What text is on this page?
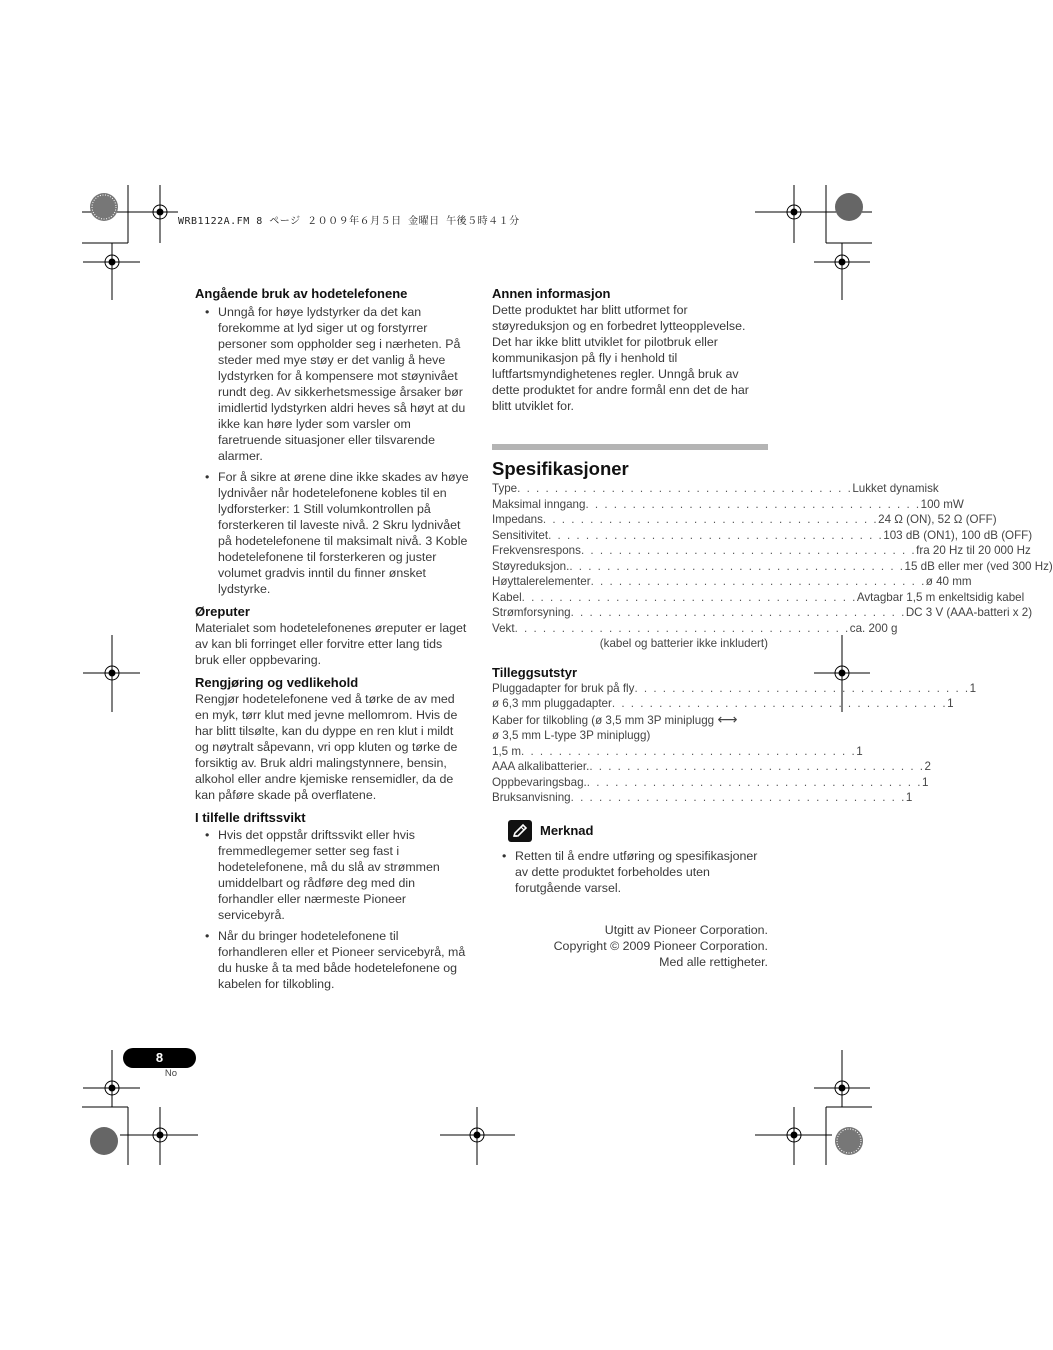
WRB1122A.FM 8 ページ ２００９年６月５日 金曜日 午後５時４１分
Angående bruk av hodetelefonene
• Unngå for høye lydstyrker da det kan forekomme at lyd siger ut og forstyrrer personer som oppholder seg i nærheten. På steder med mye støy er det vanlig å heve lydstyrken for å kompensere mot støynivået rundt deg. Av sikkerhetsmessige årsaker bør imidlertid lydstyrken aldri heves så høyt at du ikke kan høre lyder som varsler om faretruende situasjoner eller tilsvarende alarmer.
• For å sikre at ørene dine ikke skades av høye lydnivåer når hodetelefonene kobles til en lydforsterker: 1 Still volumkontrollen på forsterkeren til laveste nivå. 2 Skru lydnivået på hodetelefonene til maksimalt nivå. 3 Koble hodetelefonene til forsterkeren og juster volumet gradvis inntil du finner ønsket lydstyrke.
Øreputer

Materialet som hodetelefonenes øreputer er laget av kan bli forringet eller forvitre etter lang tids bruk eller oppbevaring.

Rengjøring og vedlikehold

Rengjør hodetelefonene ved å tørke de av med en myk, tørr klut med jevne mellomrom. Hvis de har blitt tilsølte, kan du dyppe en ren klut i mildt og nøytralt såpevann, vri opp kluten og tørke de forsiktig av. Bruk aldri malingstynnere, bensin, alkohol eller andre kjemiske rensemidler, da de kan påføre skade på overflatene.

I tilfelle driftssvikt
• Hvis det oppstår driftssvikt eller hvis fremmedlegemer setter seg fast i hodetelefonene, må du slå av strømmen umiddelbart og rådføre deg med din forhandler eller nærmeste Pioneer servicebyrå.
• Når du bringer hodetelefonene til forhandleren eller et Pioneer servicebyrå, må du huske å ta med både hodetelefonene og kabelen for tilkobling.
Annen informasjon

Dette produktet har blitt utformet for støyreduksjon og en forbedret lytteopplevelse. Det har ikke blitt utviklet for pilotbruk eller kommunikasjon på fly i henhold til luftfartsmyndighetenes regler. Unngå bruk av dette produktet for andre formål enn det de har blitt utviklet for.

Spesifikasjoner
Type . . . . . . . . . . . . . . . . . . . . . . . . . . . . . . . . . . . . Lukket dynamisk
Maksimal inngang . . . . . . . . . . . . . . . . . . . . . . . . . . . . . . . . . . . . 100 mW
Impedans . . . . . . . . . . . . . . . . . . . . . . . . . . . . . . . . . . . . 24 Ω (ON), 52 Ω (OFF)
Sensitivitet . . . . . . . . . . . . . . . . . . . . . . . . . . . . . . . . . . . . 103 dB (ON1), 100 dB (OFF)
Frekvensrespons . . . . . . . . . . . . . . . . . . . . . . . . . . . . . . . . . . . . fra 20 Hz til 20 000 Hz
Støyreduksjon. . . . . . . . . . . . . . . . . . . . . . . . . . . . . . . . . . . . . 15 dB eller mer (ved 300 Hz)
Høyttalerelementer . . . . . . . . . . . . . . . . . . . . . . . . . . . . . . . . . . . . ø 40 mm
Kabel . . . . . . . . . . . . . . . . . . . . . . . . . . . . . . . . . . . . Avtagbar 1,5 m enkeltsidig kabel
Strømforsyning . . . . . . . . . . . . . . . . . . . . . . . . . . . . . . . . . . . . DC 3 V (AAA-batteri x 2)
Vekt . . . . . . . . . . . . . . . . . . . . . . . . . . . . . . . . . . . . ca. 200 g
(kabel og batterier ikke inkludert)
Tilleggsutstyr
Pluggadapter for bruk på fly . . . . . . . . . . . . . . . . . . . . . . . . . . . . . . . . . . . . 1
ø 6,3 mm pluggadapter . . . . . . . . . . . . . . . . . . . . . . . . . . . . . . . . . . . . 1
Kaber for tilkobling (ø 3,5 mm 3P miniplugg ⟷
ø 3,5 mm L-type 3P miniplugg)
1,5 m . . . . . . . . . . . . . . . . . . . . . . . . . . . . . . . . . . . . 1
AAA alkalibatterier. . . . . . . . . . . . . . . . . . . . . . . . . . . . . . . . . . . . . 2
Oppbevaringsbag. . . . . . . . . . . . . . . . . . . . . . . . . . . . . . . . . . . . . 1
Bruksanvisning . . . . . . . . . . . . . . . . . . . . . . . . . . . . . . . . . . . . 1
Merknad
• Retten til å endre utføring og spesifikasjoner av dette produktet forbeholdes uten forutgående varsel.
Utgitt av Pioneer Corporation.
Copyright © 2009 Pioneer Corporation.
Med alle rettigheter.
8
No
